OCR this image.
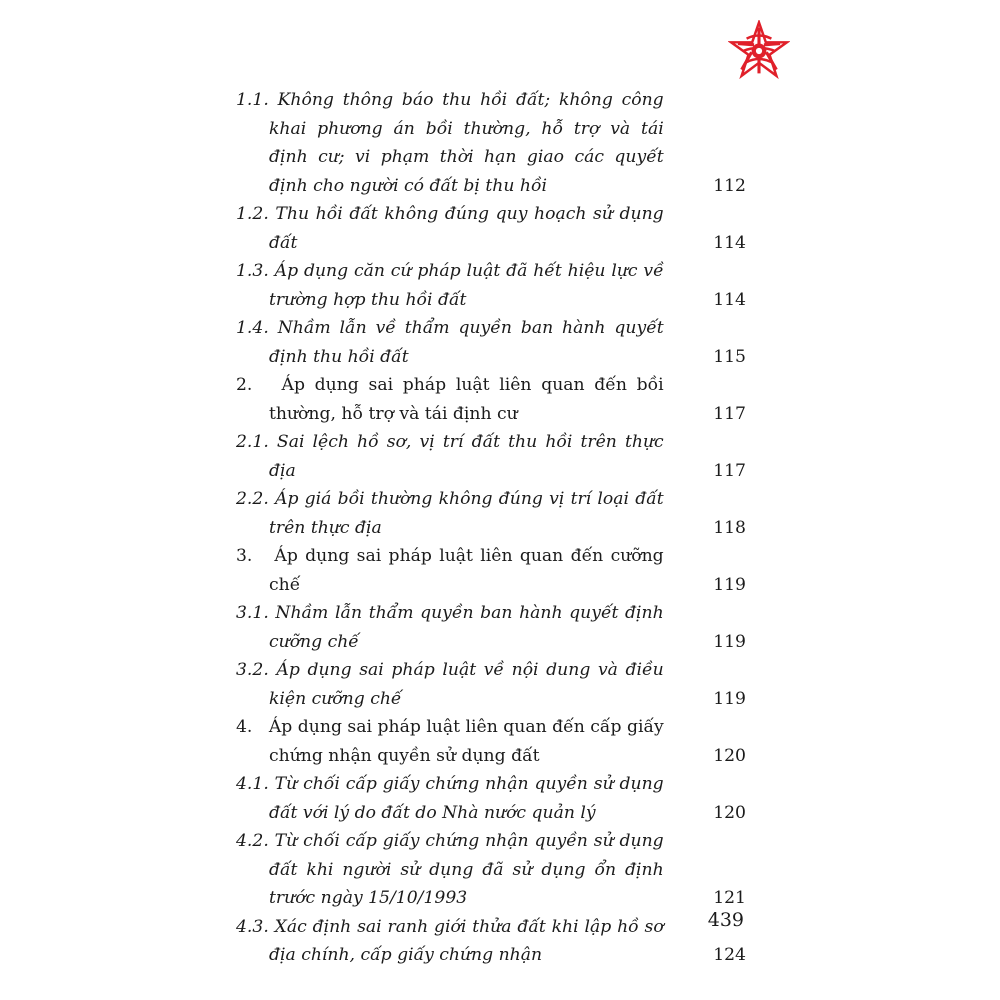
1.1. Không thông báo thu hồi đất; không công khai phương án bồi thường, hỗ trợ và tái định cư; vi phạm thời hạn giao các quyết định cho người có đất bị thu hồi	112
1.2. Thu hồi đất không đúng quy hoạch sử dụng đất	114
1.3. Áp dụng căn cứ pháp luật đã hết hiệu lực về trường hợp thu hồi đất	114
1.4. Nhầm lẫn về thẩm quyền ban hành quyết định thu hồi đất	115
2.   Áp dụng sai pháp luật liên quan đến bồi thường, hỗ trợ và tái định cư	117
2.1. Sai lệch hồ sơ, vị trí đất thu hồi trên thực địa	117
2.2. Áp giá bồi thường không đúng vị trí loại đất trên thực địa	118
3.   Áp dụng sai pháp luật liên quan đến cưỡng chế	119
3.1. Nhầm lẫn thẩm quyền ban hành quyết định cưỡng chế	119
3.2. Áp dụng sai pháp luật về nội dung và điều kiện cưỡng chế	119
4.   Áp dụng sai pháp luật liên quan đến cấp giấy chứng nhận quyền sử dụng đất	120
4.1. Từ chối cấp giấy chứng nhận quyền sử dụng đất với lý do đất do Nhà nước quản lý	120
4.2. Từ chối cấp giấy chứng nhận quyền sử dụng đất khi người sử dụng đã sử dụng ổn định trước ngày 15/10/1993	121
4.3. Xác định sai ranh giới thửa đất khi lập hồ sơ địa chính, cấp giấy chứng nhận	124
439
